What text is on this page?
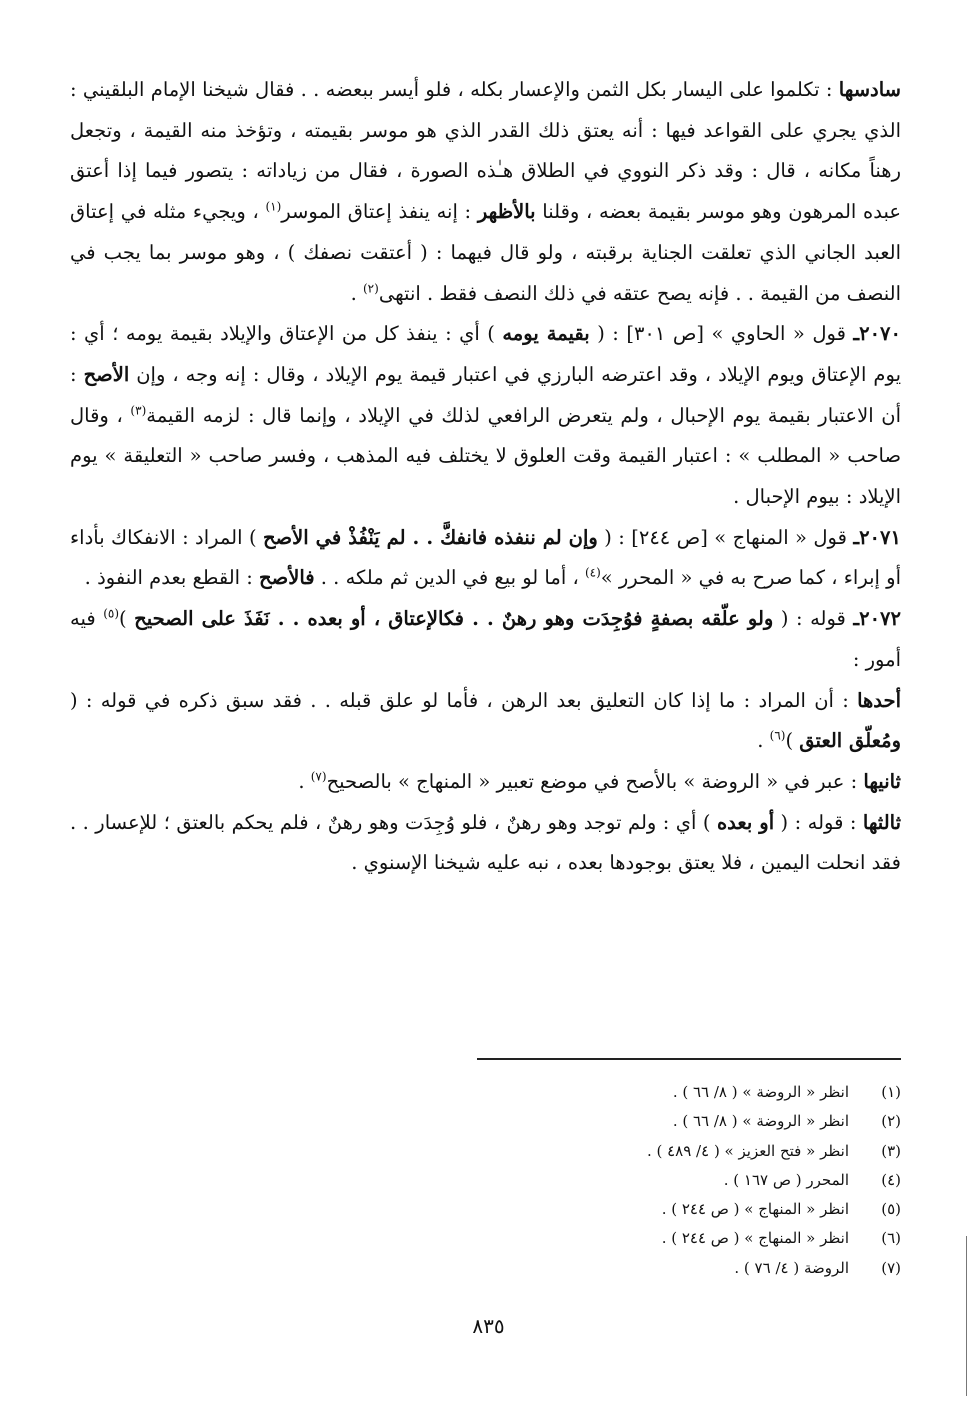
سادسها : تكلموا على اليسار بكل الثمن والإعسار بكله ، فلو أيسر ببعضه . . فقال شيخنا الإمام البلقيني : الذي يجري على القواعد فيها : أنه يعتق ذلك القدر الذي هو موسر بقيمته ، وتؤخذ منه القيمة ، وتجعل رهناً مكانه ، قال : وقد ذكر النووي في الطلاق هـٰذه الصورة ، فقال من زياداته : يتصور فيما إذا أعتق عبده المرهون وهو موسر بقيمة بعضه ، وقلنا بالأظهر : إنه ينفذ إعتاق الموسر$^{(١)}$ ، ويجيء مثله في إعتاق العبد الجاني الذي تعلقت الجناية برقبته ، ولو قال فيهما : ( أعتقت نصفك ) ، وهو موسر بما يجب في النصف من القيمة . . فإنه يصح عتقه في ذلك النصف فقط . انتهى$^{(٢)}$ .

٢٠٧٠ـ قول « الحاوي » [ص ٣٠١] : ( بقيمة يومه ) أي : ينفذ كل من الإعتاق والإيلاد بقيمة يومه ؛ أي : يوم الإعتاق ويوم الإيلاد ، وقد اعترضه البارزي في اعتبار قيمة يوم الإيلاد ، وقال : إنه وجه ، وإن الأصح : أن الاعتبار بقيمة يوم الإحبال ، ولم يتعرض الرافعي لذلك في الإيلاد ، وإنما قال : لزمه القيمة$^{(٣)}$ ، وقال صاحب « المطلب » : اعتبار القيمة وقت العلوق لا يختلف فيه المذهب ، وفسر صاحب « التعليقة » يوم الإيلاد : بيوم الإحبال .

٢٠٧١ـ قول « المنهاج » [ص ٢٤٤] : ( وإن لم ننفذه فانفكَّ . . لم يَنْفُذْ في الأصح ) المراد : الانفكاك بأداء أو إبراء ، كما صرح به في « المحرر »$^{(٤)}$ ، أما لو بيع في الدين ثم ملكه . . فالأصح : القطع بعدم النفوذ .

٢٠٧٢ـ قوله : ( ولو علّقه بصفةٍ فوُجِدَت وهو رهنٌ . . فكالإعتاق ، أو بعده . . نَفَذَ على الصحيح )$^{(٥)}$ فيه أمور :

أحدها : أن المراد : ما إذا كان التعليق بعد الرهن ، فأما لو علق قبله . . فقد سبق ذكره في قوله : ( ومُعلّق العتق )$^{(٦)}$ .

ثانيها : عبر في « الروضة » بالأصح في موضع تعبير « المنهاج » بالصحيح$^{(٧)}$ .

ثالثها : قوله : ( أو بعده ) أي : ولم توجد وهو رهنٌ ، فلو وُجِدَت وهو رهنٌ ، فلم يحكم بالعتق ؛ للإعسار . . فقد انحلت اليمين ، فلا يعتق بوجودها بعده ، نبه عليه شيخنا الإسنوي .

(١)
انظر « الروضة » ( ٨/ ٦٦ ) .
(٢)
انظر « الروضة » ( ٨/ ٦٦ ) .
(٣)
انظر « فتح العزيز » ( ٤/ ٤٨٩ ) .
(٤)
المحرر ( ص ١٦٧ ) .
(٥)
انظر « المنهاج » ( ص ٢٤٤ ) .
(٦)
انظر « المنهاج » ( ص ٢٤٤ ) .
(٧)
الروضة ( ٤/ ٧٦ ) .
٨٣٥
